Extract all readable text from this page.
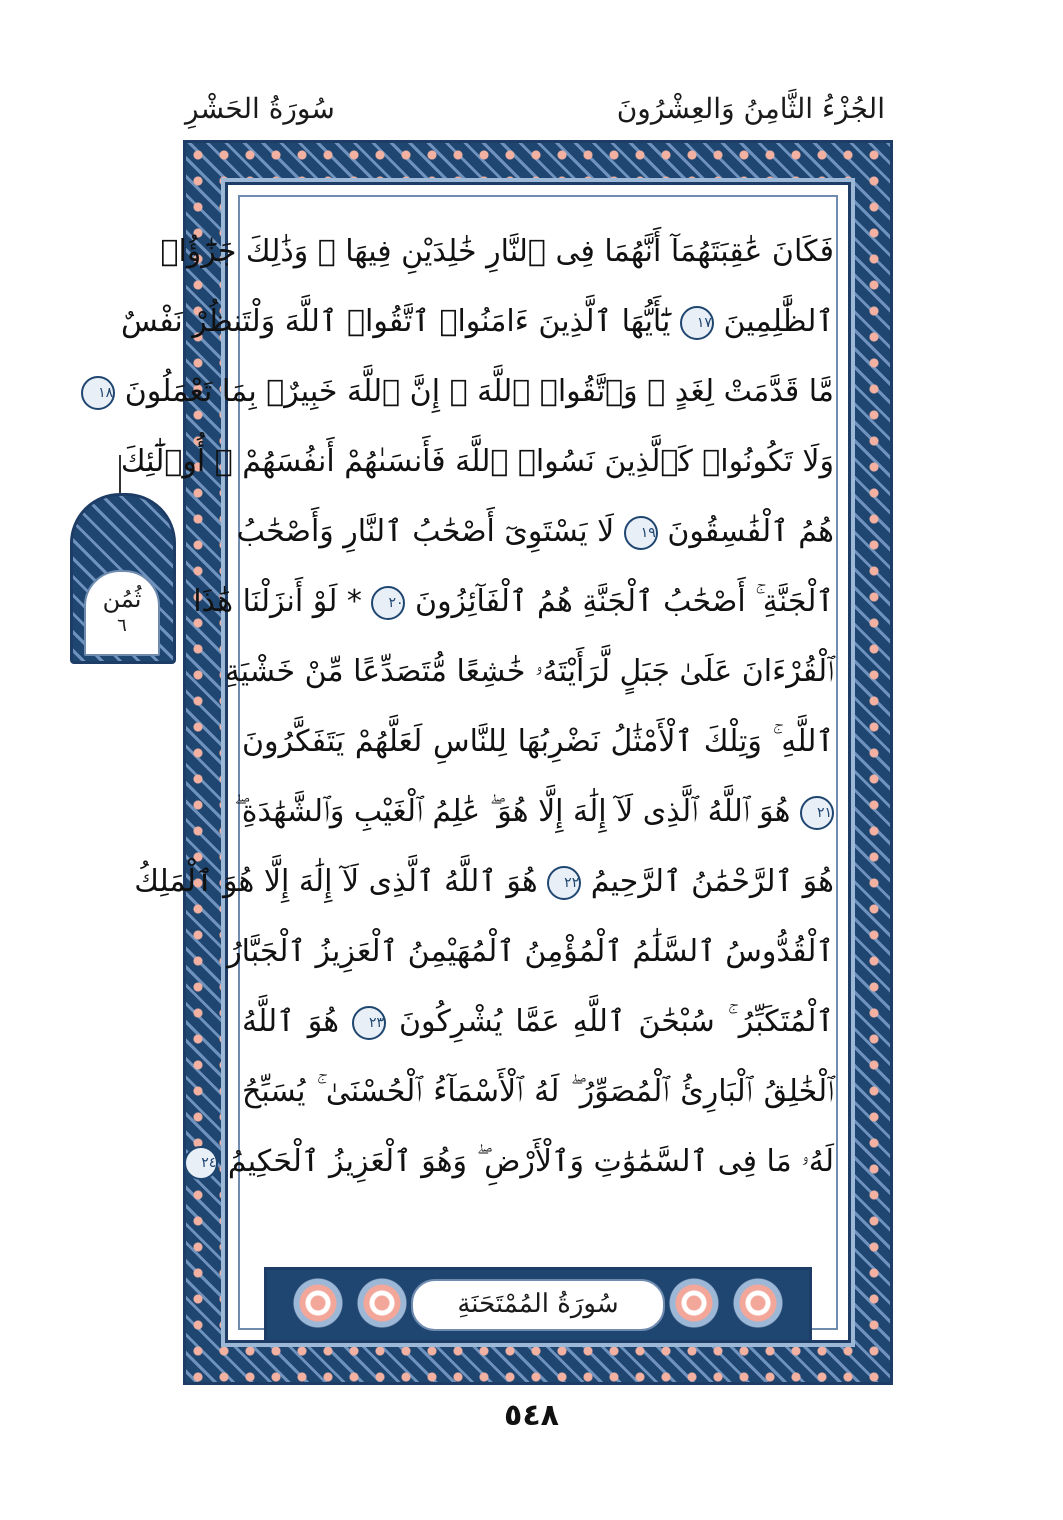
الجُزْءُ الثَّامِنُ وَالعِشْرُونَ
سُورَةُ الحَشْرِ
ثُمُن
٦
فَكَانَ عَٰقِبَتَهُمَآ أَنَّهُمَا فِى ٱلنَّارِ خَٰلِدَيْنِ فِيهَا ۚ وَذَٰلِكَ جَزَٰٓؤُا۟
ٱلظَّٰلِمِينَ ١٧ يَٰٓأَيُّهَا ٱلَّذِينَ ءَامَنُوا۟ ٱتَّقُوا۟ ٱللَّهَ وَلْتَنظُرْ نَفْسٌ
مَّا قَدَّمَتْ لِغَدٍ ۖ وَٱتَّقُوا۟ ٱللَّهَ ۚ إِنَّ ٱللَّهَ خَبِيرٌۢ بِمَا تَعْمَلُونَ ١٨
وَلَا تَكُونُوا۟ كَٱلَّذِينَ نَسُوا۟ ٱللَّهَ فَأَنسَىٰهُمْ أَنفُسَهُمْ ۚ أُو۟لَٰٓئِكَ
هُمُ ٱلْفَٰسِقُونَ ١٩ لَا يَسْتَوِىٓ أَصْحَٰبُ ٱلنَّارِ وَأَصْحَٰبُ
ٱلْجَنَّةِ ۚ أَصْحَٰبُ ٱلْجَنَّةِ هُمُ ٱلْفَآئِزُونَ ٢٠ * لَوْ أَنزَلْنَا هَٰذَا
ٱلْقُرْءَانَ عَلَىٰ جَبَلٍ لَّرَأَيْتَهُۥ خَٰشِعًا مُّتَصَدِّعًا مِّنْ خَشْيَةِ
ٱللَّهِ ۚ وَتِلْكَ ٱلْأَمْثَٰلُ نَضْرِبُهَا لِلنَّاسِ لَعَلَّهُمْ يَتَفَكَّرُونَ
٢١ هُوَ ٱللَّهُ ٱلَّذِى لَآ إِلَٰهَ إِلَّا هُوَ ۖ عَٰلِمُ ٱلْغَيْبِ وَٱلشَّهَٰدَةِ ۖ
هُوَ ٱلرَّحْمَٰنُ ٱلرَّحِيمُ ٢٢ هُوَ ٱللَّهُ ٱلَّذِى لَآ إِلَٰهَ إِلَّا هُوَ ٱلْمَلِكُ
ٱلْقُدُّوسُ ٱلسَّلَٰمُ ٱلْمُؤْمِنُ ٱلْمُهَيْمِنُ ٱلْعَزِيزُ ٱلْجَبَّارُ
ٱلْمُتَكَبِّرُ ۚ سُبْحَٰنَ ٱللَّهِ عَمَّا يُشْرِكُونَ ٢٣ هُوَ ٱللَّهُ
ٱلْخَٰلِقُ ٱلْبَارِئُ ٱلْمُصَوِّرُ ۖ لَهُ ٱلْأَسْمَآءُ ٱلْحُسْنَىٰ ۚ يُسَبِّحُ
لَهُۥ مَا فِى ٱلسَّمَٰوَٰتِ وَٱلْأَرْضِ ۖ وَهُوَ ٱلْعَزِيزُ ٱلْحَكِيمُ ٢٤
سُورَةُ المُمْتَحَنَةِ
٥٤٨
